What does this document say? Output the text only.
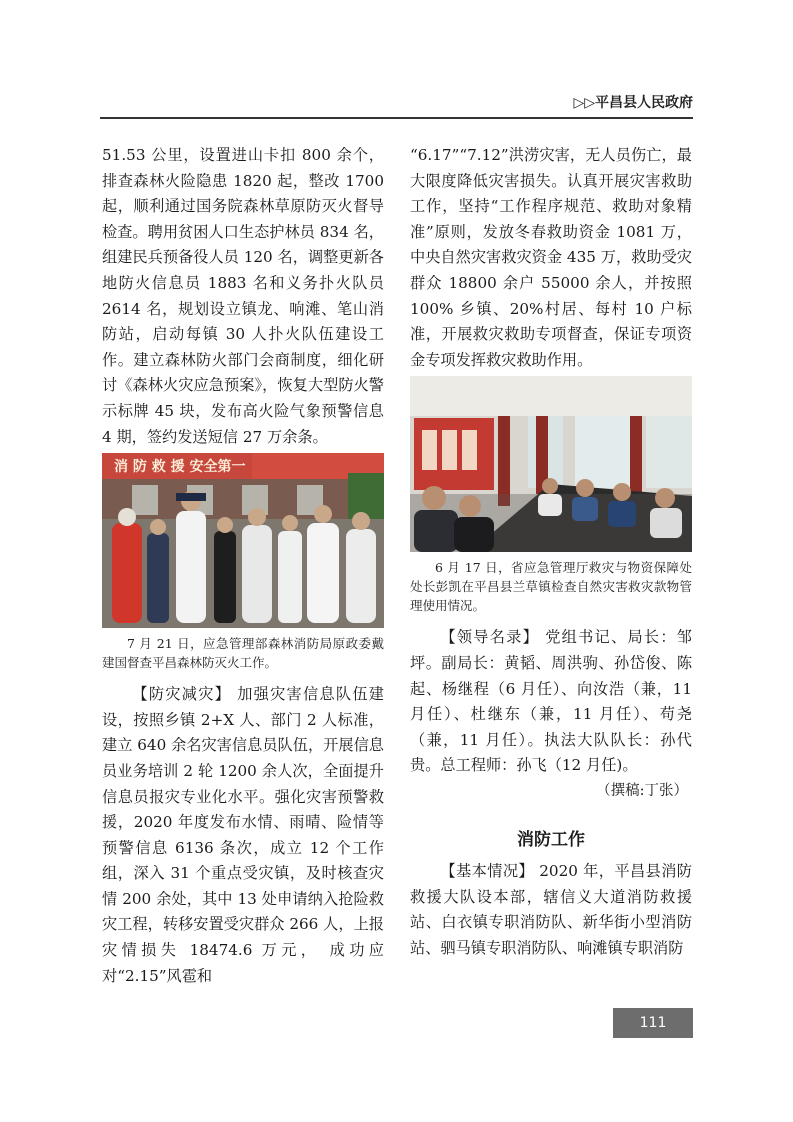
▷▷平昌县人民政府

51.53 公里，设置进山卡扣 800 余个，排查森林火险隐患 1820 起，整改 1700 起，顺利通过国务院森林草原防灭火督导检查。聘用贫困人口生态护林员 834 名，组建民兵预备役人员 120 名，调整更新各地防火信息员 1883 名和义务扑火队员 2614 名，规划设立镇龙、响滩、笔山消防站，启动每镇 30 人扑火队伍建设工作。建立森林防火部门会商制度，细化研讨《森林火灾应急预案》，恢复大型防火警示标牌 45 块，发布高火险气象预警信息 4 期，签约发送短信 27 万余条。

消 防 救 援 安全第一

7 月 21 日，应急管理部森林消防局原政委戴建国督查平昌森林防灭火工作。

【防灾减灾】 加强灾害信息队伍建设，按照乡镇 2+X 人、部门 2 人标准，建立 640 余名灾害信息员队伍，开展信息员业务培训 2 轮 1200 余人次，全面提升信息员报灾专业化水平。强化灾害预警救援，2020 年度发布水情、雨晴、险情等预警信息 6136 条次，成立 12 个工作组，深入 31 个重点受灾镇，及时核查灾情 200 余处，其中 13 处申请纳入抢险救灾工程，转移安置受灾群众 266 人，上报灾情损失 18474.6 万元， 成功应对“2.15”风雹和

“6.17”“7.12”洪涝灾害，无人员伤亡，最大限度降低灾害损失。认真开展灾害救助工作，坚持“工作程序规范、救助对象精准”原则，发放冬春救助资金 1081 万，中央自然灾害救灾资金 435 万，救助受灾群众 18800 余户 55000 余人，并按照 100% 乡镇、20%村居、每村 10 户标准，开展救灾救助专项督查，保证专项资金专项发挥救灾救助作用。

6 月 17 日，省应急管理厅救灾与物资保障处处长彭凯在平昌县兰草镇检查自然灾害救灾款物管理使用情况。

【领导名录】 党组书记、局长：邹坪。副局长：黄韬、周洪驹、孙岱俊、陈起、杨继程（6 月任）、向汝浩（兼，11 月任）、杜继东（兼，11 月任）、苟尧（兼，11 月任）。执法大队队长：孙代贵。总工程师：孙飞（12 月任)。

（撰稿:丁张）

消防工作

【基本情况】 2020 年，平昌县消防救援大队设本部，辖信义大道消防救援站、白衣镇专职消防队、新华街小型消防站、驷马镇专职消防队、响滩镇专职消防

111
